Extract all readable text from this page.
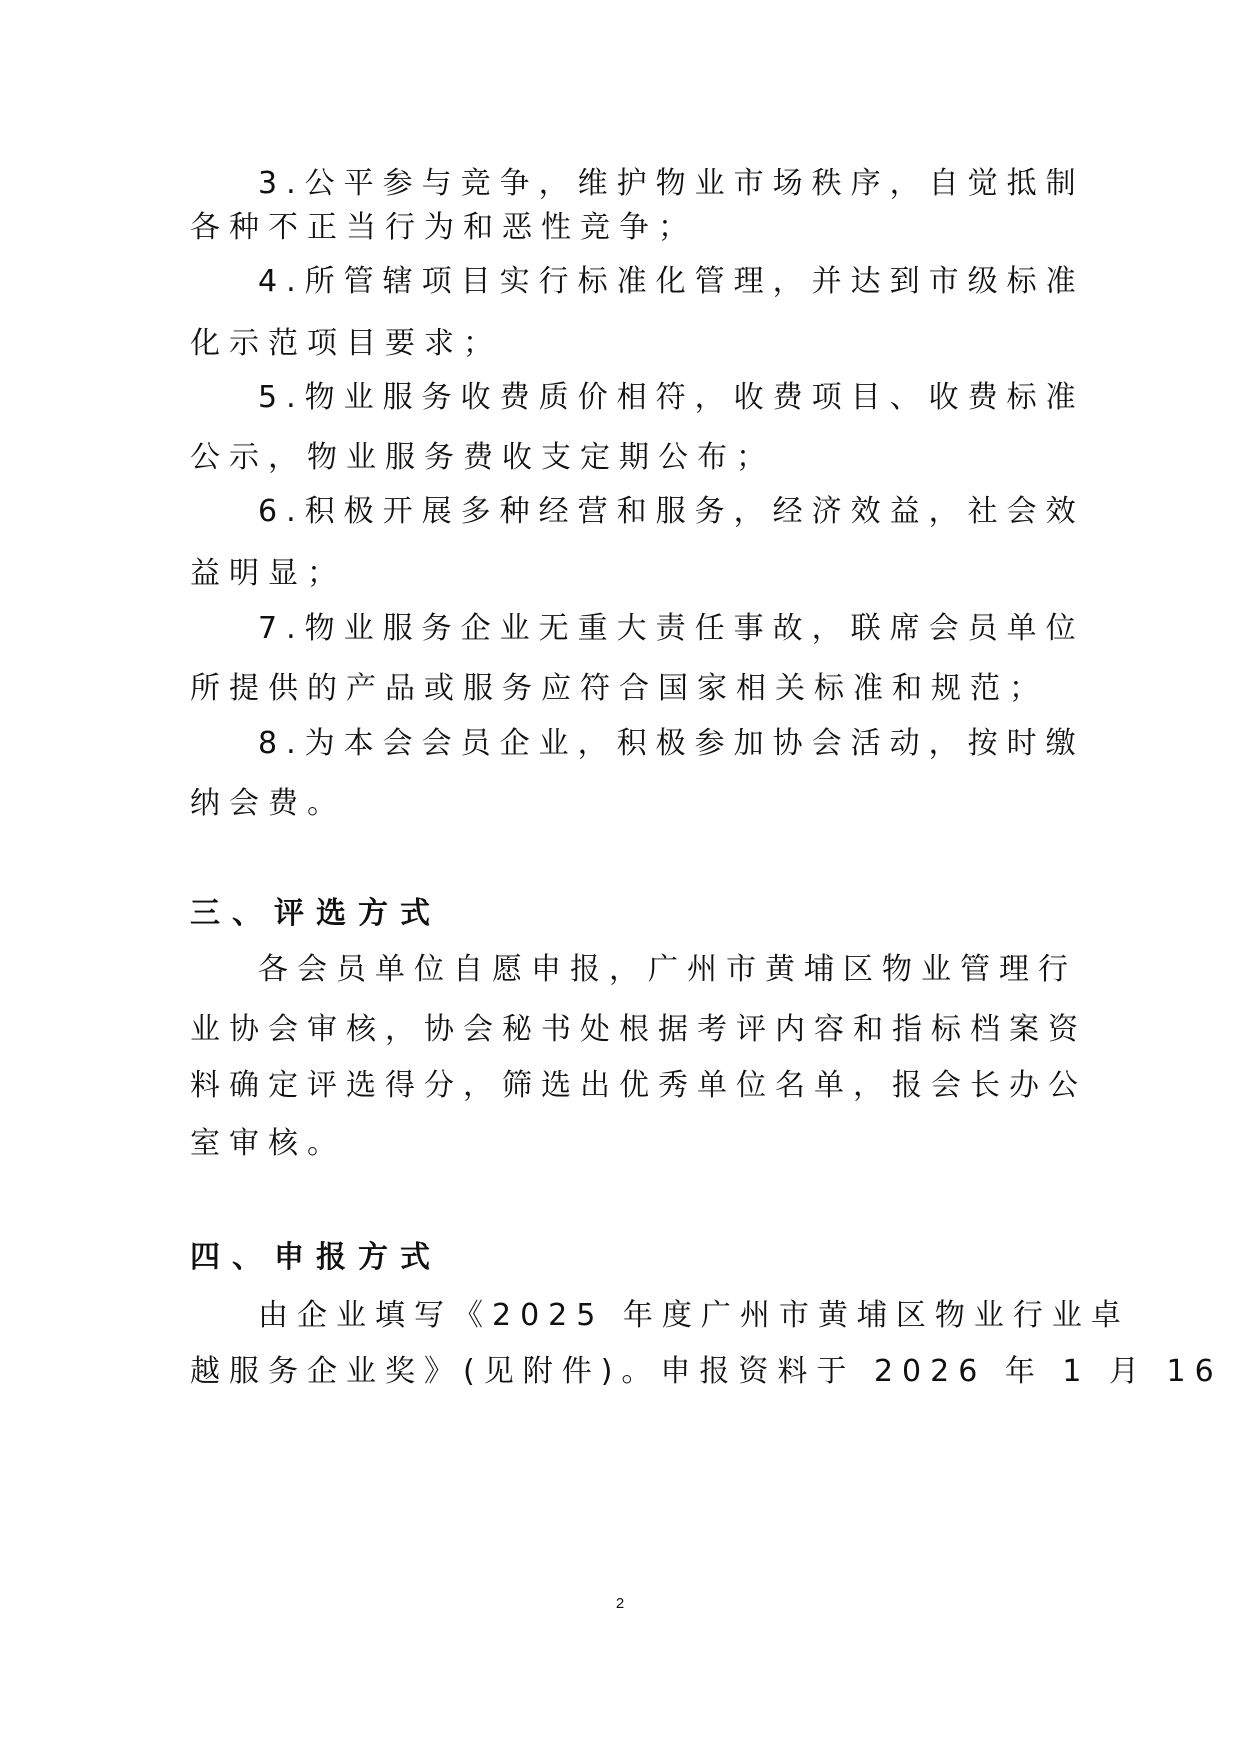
3.公平参与竞争，维护物业市场秩序，自觉抵制
各种不正当行为和恶性竞争；
4.所管辖项目实行标准化管理，并达到市级标准
化示范项目要求；
5.物业服务收费质价相符，收费项目、收费标准
公示，物业服务费收支定期公布；
6.积极开展多种经营和服务，经济效益，社会效
益明显；
7.物业服务企业无重大责任事故，联席会员单位
所提供的产品或服务应符合国家相关标准和规范；
8.为本会会员企业，积极参加协会活动，按时缴
纳会费。
三、评选方式
各会员单位自愿申报，广州市黄埔区物业管理行
业协会审核，协会秘书处根据考评内容和指标档案资
料确定评选得分，筛选出优秀单位名单，报会长办公
室审核。
四、申报方式
由企业填写《2025 年度广州市黄埔区物业行业卓
越服务企业奖》(见附件)。申报资料于 2026 年 1 月 16
2
